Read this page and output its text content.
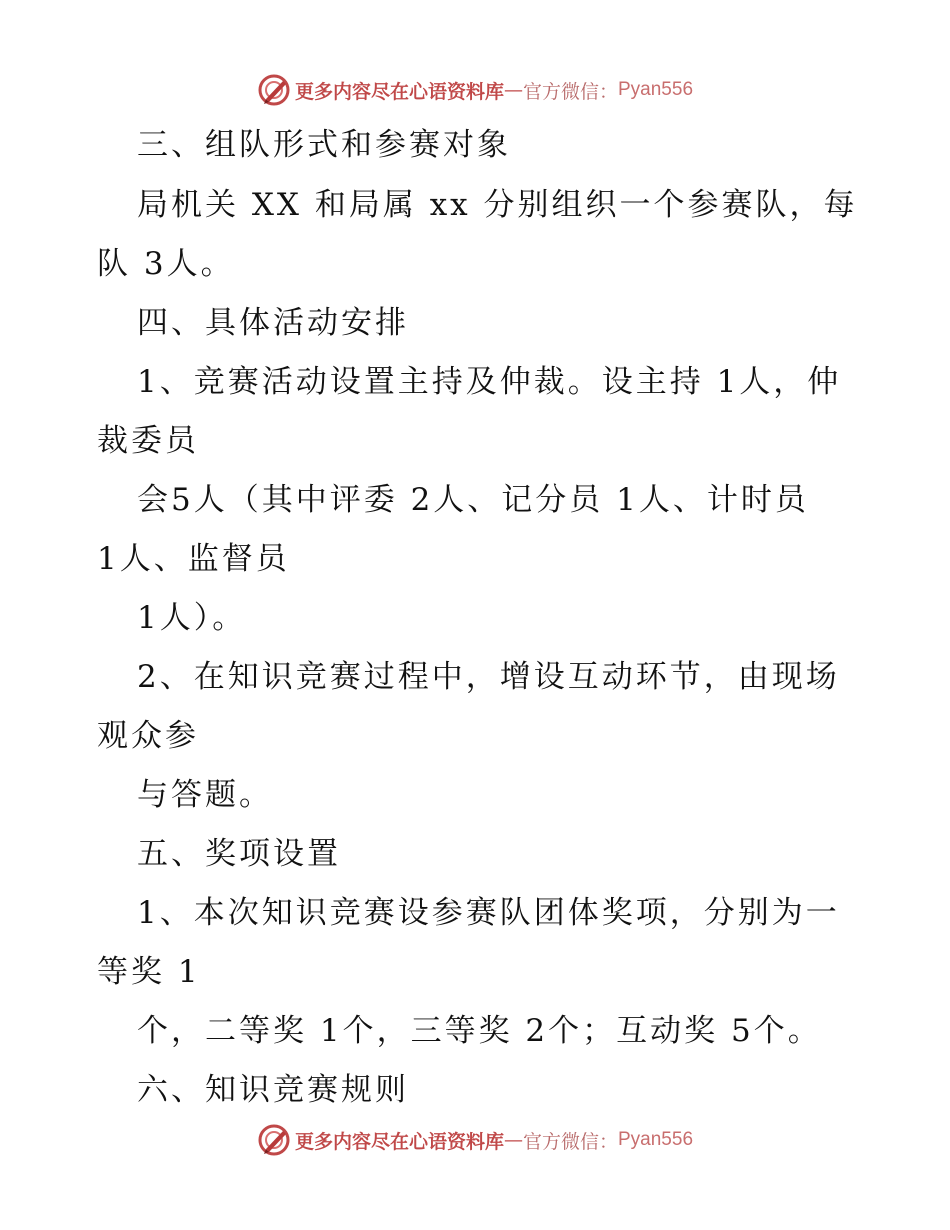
更多内容尽在心语资料库 — 官方微信： Pyan556
三、组队形式和参赛对象
局机关 XX 和局属 xx 分别组织一个参赛队，每
队 3人。
四、具体活动安排
1、竞赛活动设置主持及仲裁。设主持 1人，仲
裁委员
会5人（其中评委 2人、记分员 1人、计时员
1人、监督员
1人）。
2、在知识竞赛过程中，增设互动环节，由现场
观众参
与答题。
五、奖项设置
1、本次知识竞赛设参赛队团体奖项，分别为一
等奖 1
个，二等奖 1个，三等奖 2个；互动奖 5个。
六、知识竞赛规则
更多内容尽在心语资料库 — 官方微信： Pyan556
